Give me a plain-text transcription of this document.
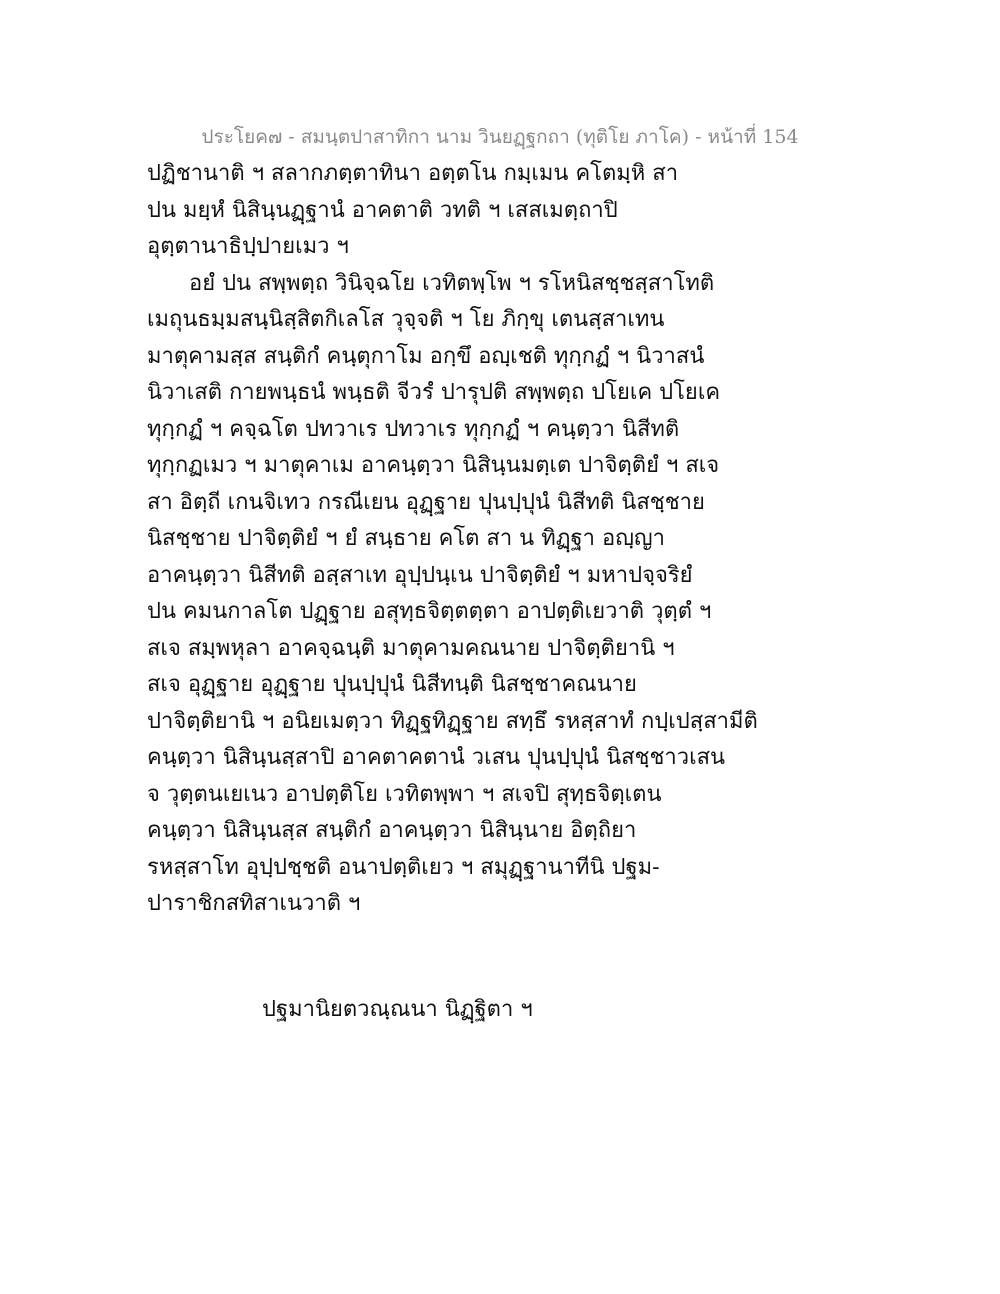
ประโยค๗ - สมนฺตปาสาทิกา นาม วินยฏฺฐกถา (ทุติโย ภาโค) - หน้าที่ 154
ปฏิชานาติ ฯ สลากภตฺตาทินา อตฺตโน กมฺเมน คโตมฺหิ สา
ปน มยฺหํ นิสินฺนฏฺฐานํ อาคตาติ วทติ ฯ เสสเมตฺถาปิ
อุตฺตานาธิปฺปายเมว ฯ
อยํ ปน สพฺพตฺถ วินิจฺฉโย เวทิตพฺโพ ฯ รโหนิสชฺชสฺสาโทติ
เมถุนธมฺมสนฺนิสฺสิตกิเลโส วุจฺจติ ฯ โย ภิกฺขุ เตนสฺสาเทน
มาตุคามสฺส สนฺติกํ คนฺตุกาโม อกฺขึ อญฺเชติ ทุกฺกฏํ ฯ นิวาสนํ
นิวาเสติ กายพนฺธนํ พนฺธติ จีวรํ ปารุปติ สพฺพตฺถ ปโยเค ปโยเค
ทุกฺกฏํ ฯ คจฺฉโต ปทวาเร ปทวาเร ทุกฺกฏํ ฯ คนฺตฺวา นิสีทติ
ทุกฺกฏเมว ฯ มาตุคาเม อาคนฺตฺวา นิสินฺนมตฺเต ปาจิตฺติยํ ฯ สเจ
สา อิตฺถี เกนจิเทว กรณีเยน อุฏฺฐาย ปุนปฺปุนํ นิสีทติ นิสชฺชาย
นิสชฺชาย ปาจิตฺติยํ ฯ ยํ สนฺธาย คโต สา น ทิฏฺฐา อญฺญา
อาคนฺตฺวา นิสีทติ อสฺสาเท อุปฺปนฺเน ปาจิตฺติยํ ฯ มหาปจฺจริยํ
ปน คมนกาลโต ปฏฺฐาย อสุทฺธจิตฺตตฺตา อาปตฺติเยวาติ วุตฺตํ ฯ
สเจ สมฺพหุลา อาคจฺฉนฺติ มาตุคามคณนาย ปาจิตฺติยานิ ฯ
สเจ อุฏฺฐาย อุฏฺฐาย ปุนปฺปุนํ นิสีทนฺติ นิสชฺชาคณนาย
ปาจิตฺติยานิ ฯ อนิยเมตฺวา ทิฏฺฐทิฏฺฐาย สทฺธึ รหสฺสาทํ กปฺเปสฺสามีติ
คนฺตฺวา นิสินฺนสฺสาปิ อาคตาคตานํ วเสน ปุนปฺปุนํ นิสชฺชาวเสน
จ วุตฺตนเยเนว อาปตฺติโย เวทิตพฺพา ฯ สเจปิ สุทฺธจิตฺเตน
คนฺตฺวา นิสินฺนสฺส สนฺติกํ อาคนฺตฺวา นิสินฺนาย อิตฺถิยา
รหสฺสาโท อุปฺปชฺชติ อนาปตฺติเยว ฯ สมุฏฺฐานาทีนิ ปฐม-
ปาราชิกสทิสาเนวาติ ฯ
ปฐมานิยตวณฺณนา นิฏฺฐิตา ฯ
